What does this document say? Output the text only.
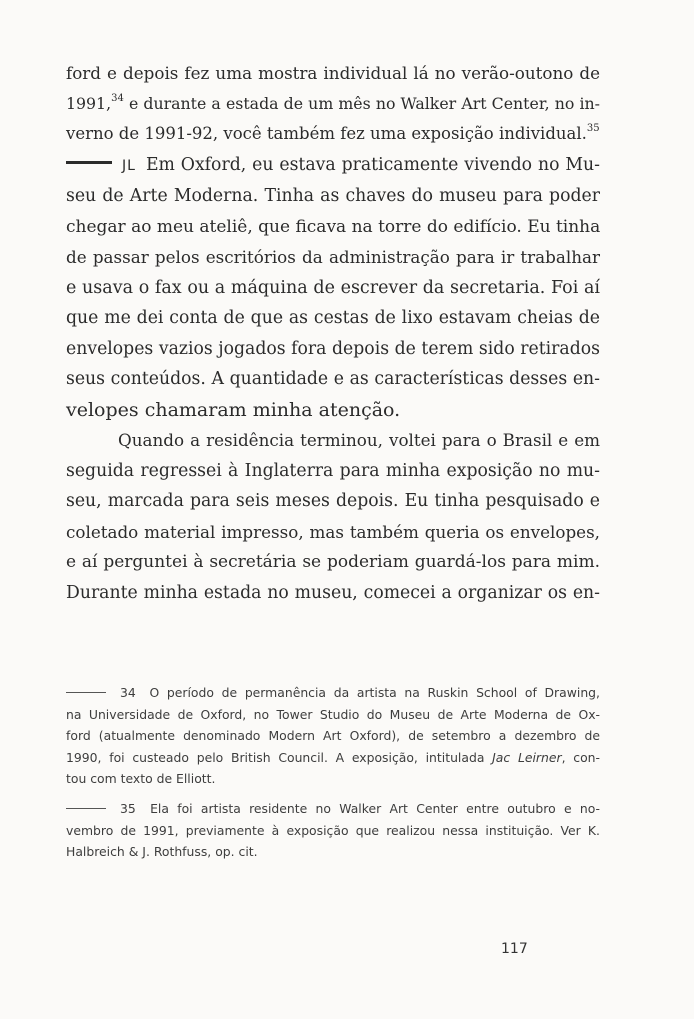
ford e depois fez uma mostra individual lá no verão-outono de
1991,34 e durante a estada de um mês no Walker Art Center, no in-
verno de 1991-92, você também fez uma exposição individual.$^{35}$
JL Em Oxford, eu estava praticamente vivendo no Mu-
seu de Arte Moderna. Tinha as chaves do museu para poder
chegar ao meu ateliê, que ficava na torre do edifício. Eu tinha
de passar pelos escritórios da administração para ir trabalhar
e usava o fax ou a máquina de escrever da secretaria. Foi aí
que me dei conta de que as cestas de lixo estavam cheias de
envelopes vazios jogados fora depois de terem sido retirados
seus conteúdos. A quantidade e as características desses en-
velopes chamaram minha atenção.
Quando a residência terminou, voltei para o Brasil e em
seguida regressei à Inglaterra para minha exposição no mu-
seu, marcada para seis meses depois. Eu tinha pesquisado e
coletado material impresso, mas também queria os envelopes,
e aí perguntei à secretária se poderiam guardá-los para mim.
Durante minha estada no museu, comecei a organizar os en-
34 O período de permanência da artista na Ruskin School of Drawing,
na Universidade de Oxford, no Tower Studio do Museu de Arte Moderna de Ox-
ford (atualmente denominado Modern Art Oxford), de setembro a dezembro de
1990, foi custeado pelo British Council. A exposição, intitulada Jac Leirner, con-
tou com texto de Elliott.
35 Ela foi artista residente no Walker Art Center entre outubro e no-
vembro de 1991, previamente à exposição que realizou nessa instituição. Ver K.
Halbreich & J. Rothfuss, op. cit.
117
